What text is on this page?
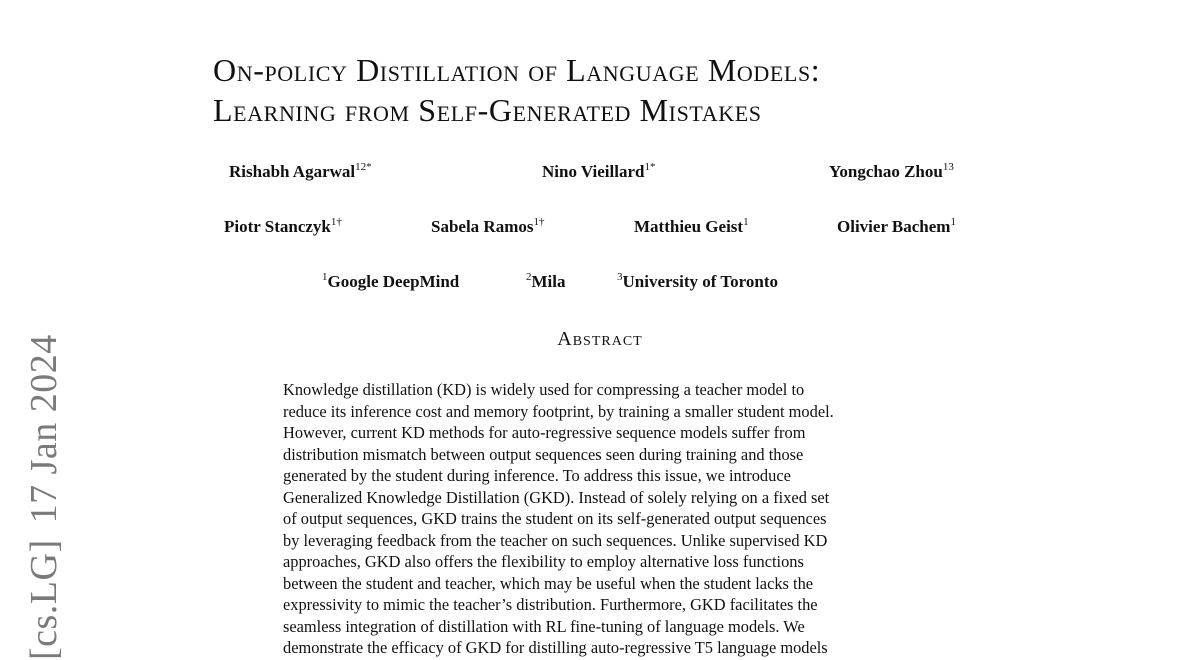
[cs.LG]17 Jan 2024
On-policy Distillation of Language Models:
Learning from Self-Generated Mistakes
Rishabh Agarwal$^{12*}$	Nino Vieillard$^{1*}$	Yongchao Zhou$^{13}$
Piotr Stanczyk$^{1\dagger}$	Sabela Ramos$^{1\dagger}$	Matthieu Geist$^1$	Olivier Bachem$^1$
$^1$Google DeepMind	$^2$Mila	$^3$University of Toronto
Abstract
Knowledge distillation (KD) is widely used for compressing a teacher model to
reduce its inference cost and memory footprint, by training a smaller student model.
However, current KD methods for auto-regressive sequence models suffer from
distribution mismatch between output sequences seen during training and those
generated by the student during inference. To address this issue, we introduce
Generalized Knowledge Distillation (GKD). Instead of solely relying on a fixed set
of output sequences, GKD trains the student on its self-generated output sequences
by leveraging feedback from the teacher on such sequences. Unlike supervised KD
approaches, GKD also offers the flexibility to employ alternative loss functions
between the student and teacher, which may be useful when the student lacks the
expressivity to mimic the teacher’s distribution. Furthermore, GKD facilitates the
seamless integration of distillation with RL fine-tuning of language models. We
demonstrate the efficacy of GKD for distilling auto-regressive T5 language models
